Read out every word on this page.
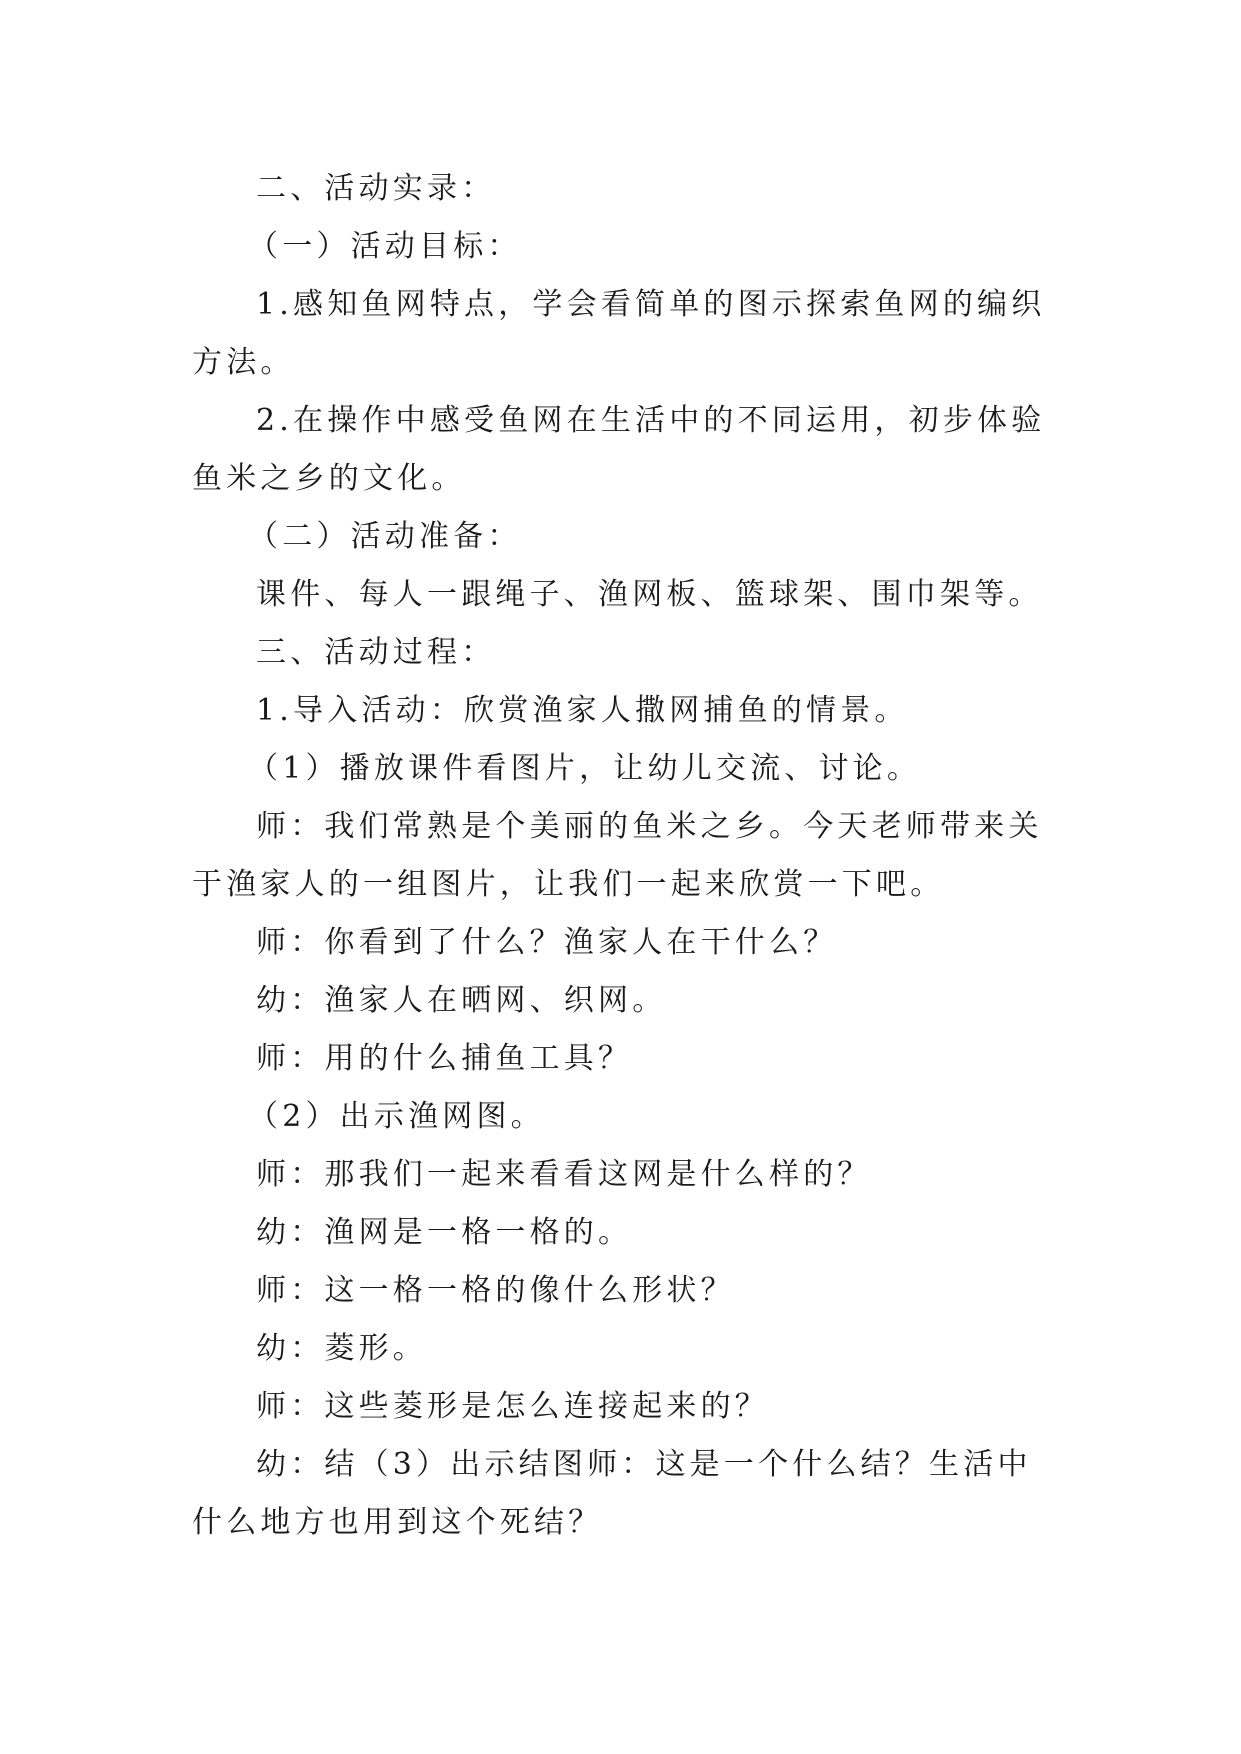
二、活动实录：

（一）活动目标：

1.感知鱼网特点，学会看简单的图示探索鱼网的编织方法。

2.在操作中感受鱼网在生活中的不同运用，初步体验鱼米之乡的文化。

（二）活动准备：

课件、每人一跟绳子、渔网板、篮球架、围巾架等。

三、活动过程：

1.导入活动：欣赏渔家人撒网捕鱼的情景。

（1）播放课件看图片，让幼儿交流、讨论。

师：我们常熟是个美丽的鱼米之乡。今天老师带来关于渔家人的一组图片，让我们一起来欣赏一下吧。

师：你看到了什么？渔家人在干什么？

幼：渔家人在晒网、织网。

师：用的什么捕鱼工具？

（2）出示渔网图。

师：那我们一起来看看这网是什么样的？

幼：渔网是一格一格的。

师：这一格一格的像什么形状？

幼：菱形。

师：这些菱形是怎么连接起来的？

幼：结（3）出示结图师：这是一个什么结？生活中什么地方也用到这个死结？
